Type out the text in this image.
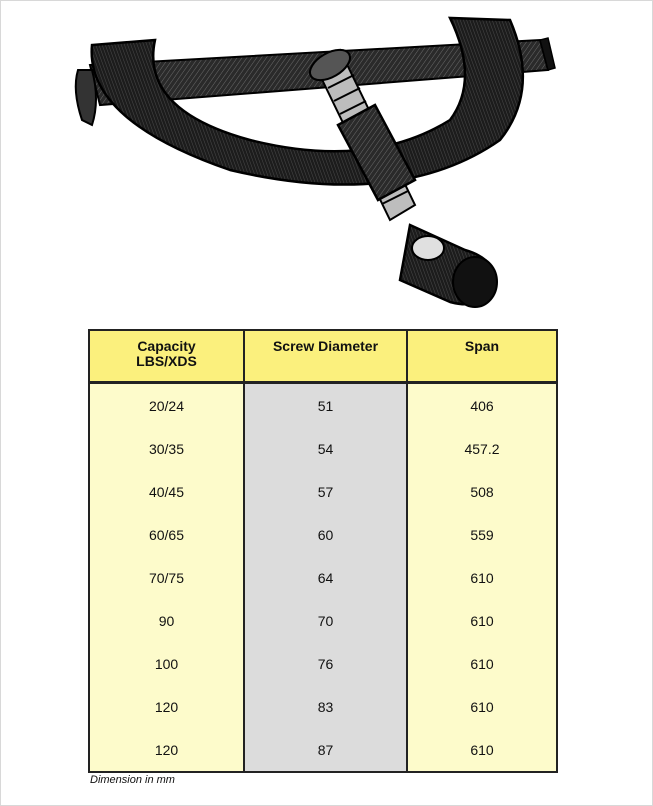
Capacity
LBS/XDS	Screw Diameter	Span
20/24	51	406
30/35	54	457.2
40/45	57	508
60/65	60	559
70/75	64	610
90	70	610
100	76	610
120	83	610
120	87	610
Dimension in mm
